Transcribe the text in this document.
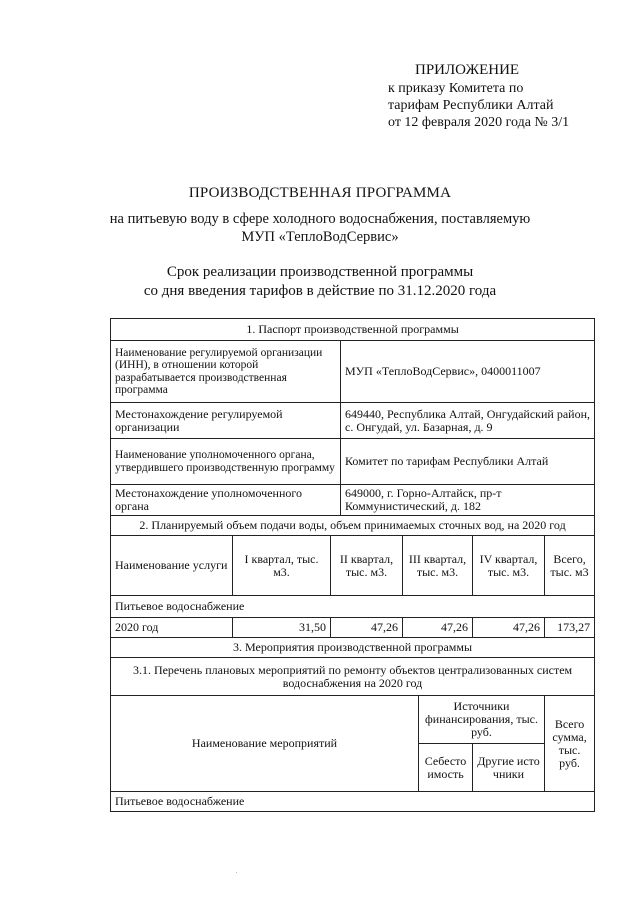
ПРИЛОЖЕНИЕ
к приказу Комитета по
тарифам Республики Алтай
от 12 февраля 2020 года № 3/1
ПРОИЗВОДСТВЕННАЯ ПРОГРАММА
на питьевую воду в сфере холодного водоснабжения, поставляемую
МУП «ТеплоВодСервис»
Срок реализации производственной программы
со дня введения тарифов в действие по 31.12.2020 года
1. Паспорт производственной программы							
Наименование регулируемой организации (ИНН), в отношении которой разрабатывается производственная программа			МУП «ТеплоВодСервис», 0400011007				
Местонахождение регулируемой организации			649440, Республика Алтай, Онгудайский район, с. Онгудай, ул. Базарная, д. 9				
Наименование уполномоченного органа, утвердившего производственную программу			Комитет по тарифам Республики Алтай				
Местонахождение уполномоченного органа			649000, г. Горно-Алтайск, пр-т Коммунистический, д. 182				
2. Планируемый объем подачи воды, объем принимаемых сточных вод, на 2020 год							
Наименование услуги	I квартал, тыс. м3.	II квартал, тыс. м3.		III квартал, тыс. м3.		IV квартал, тыс. м3.	Всего, тыс. м3
Питьевое водоснабжение							
2020 год	31,50	47,26		47,26		47,26	173,27
3. Мероприятия производственной программы							
3.1. Перечень плановых мероприятий по ремонту объектов централизованных систем водоснабжения на 2020 год							
Наименование мероприятий					Источники финансирования, тыс. руб.		Всего сумма, тыс. руб.
					Себестоимость	Другие источники	
Питьевое водоснабжение							
